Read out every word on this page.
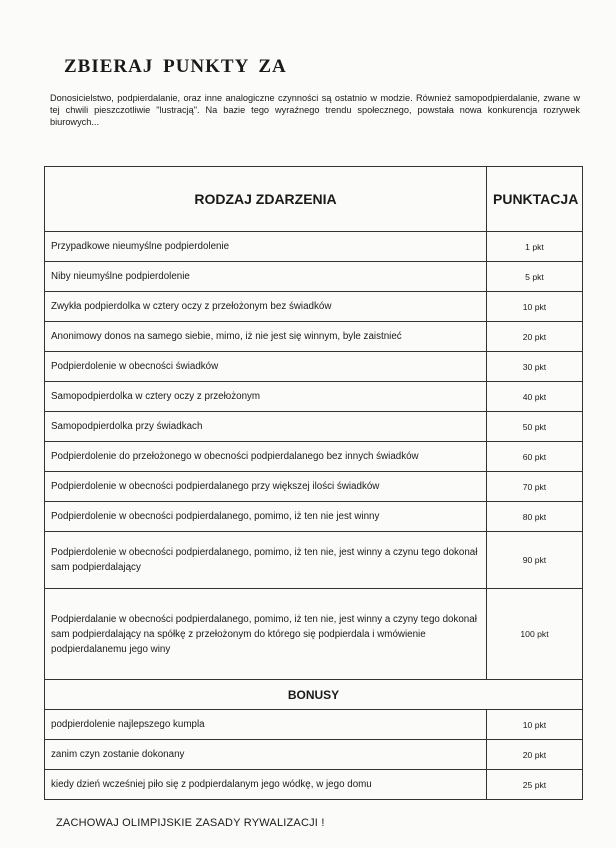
ZBIERAJ PUNKTY ZA
Donosicielstwo, podpierdalanie, oraz inne analogiczne czynności są ostatnio w modzie. Również samopodpierdalanie, zwane w tej chwili pieszczotliwie "lustracją". Na bazie tego wyraźnego trendu społecznego, powstała nowa konkurencja rozrywek biurowych...
RODZAJ ZDARZENIA	PUNKTACJA
Przypadkowe nieumyślne podpierdolenie	1 pkt
Niby nieumyślne podpierdolenie	5 pkt
Zwykła podpierdolka w cztery oczy z przełożonym bez świadków	10 pkt
Anonimowy donos na samego siebie, mimo, iż nie jest się winnym, byle zaistnieć	20 pkt
Podpierdolenie w obecności świadków	30 pkt
Samopodpierdolka w cztery oczy z przełożonym	40 pkt
Samopodpierdolka przy świadkach	50 pkt
Podpierdolenie do przełożonego w obecności podpierdalanego bez innych świadków	60 pkt
Podpierdolenie w obecności podpierdalanego przy większej ilości świadków	70 pkt
Podpierdolenie w obecności podpierdalanego, pomimo, iż ten nie jest winny	80 pkt
Podpierdolenie w obecności podpierdalanego, pomimo, iż ten nie, jest winny a czynu tego dokonał sam podpierdalający	90 pkt
Podpierdalanie w obecności podpierdalanego, pomimo, iż ten nie, jest winny a czyny tego dokonał sam podpierdalający na spółkę z przełożonym do którego się podpierdala i wmówienie podpierdalanemu jego winy	100 pkt
BONUSY	
podpierdolenie najlepszego kumpla	10 pkt
zanim czyn zostanie dokonany	20 pkt
kiedy dzień wcześniej piło się z podpierdalanym jego wódkę, w jego domu	25 pkt
ZACHOWAJ OLIMPIJSKIE ZASADY RYWALIZACJI !
